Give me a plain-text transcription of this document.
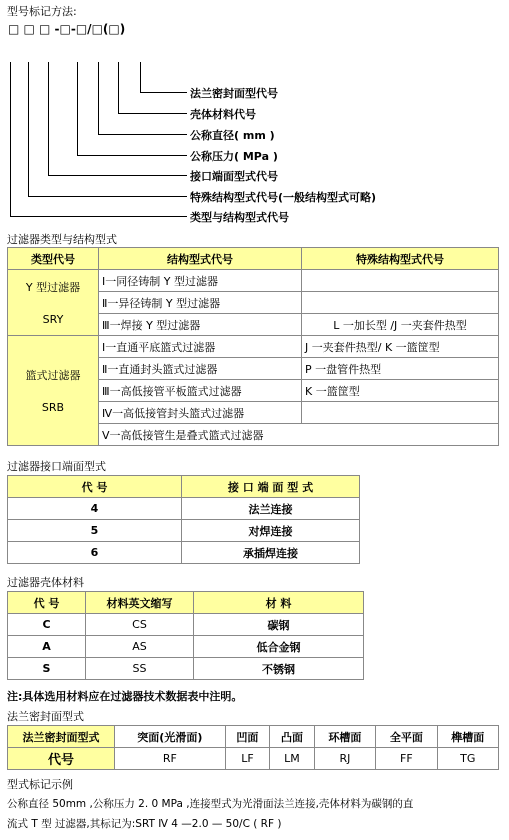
型号标记方法:
□ □ □ -□-□/□(□)
法兰密封面型代号
壳体材料代号
公称直径( mm )
公称压力( MPa )
接口端面型式代号
特殊结构型式代号(一般结构型式可略)
类型与结构型式代号
过滤器类型与结构型式
类型代号	结构型式代号	特殊结构型式代号

Y 型过滤器
SRY	Ⅰ一同径铸制 Y 型过滤器	
	Ⅱ一异径铸制 Y 型过滤器	
	Ⅲ一焊接 Y 型过滤器	L 一加长型 /J 一夹套件热型

篮式过滤器
SRB	Ⅰ一直通平底篮式过滤器	J 一夹套件热型/ K 一篮筐型
	Ⅱ一直通封头篮式过滤器	P 一盘管件热型
	Ⅲ一高低接管平板篮式过滤器	K 一篮筐型
	Ⅳ一高低接管封头篮式过滤器	
	Ⅴ一高低接管生是叠式篮式过滤器	
过滤器接口端面型式
代 号	接 口 端 面 型 式
4	法兰连接
5	对焊连接
6	承插焊连接
过滤器壳体材料
代 号	材料英文缩写	材 料
C	CS	碳钢
A	AS	低合金钢
S	SS	不锈钢
注:具体选用材料应在过滤器技术数据表中注明。
法兰密封面型式
法兰密封面型式	突面(光滑面)	凹面	凸面	环槽面	全平面	榫槽面
代号	RF	LF	LM	RJ	FF	TG
型式标记示例
公称直径 50mm ,公称压力 2. 0 MPa ,连接型式为光滑面法兰连接,壳体材料为碳钢的直
流式 T 型 过滤器,其标记为:SRT Ⅳ 4 —2.0 — 50/C ( RF )
